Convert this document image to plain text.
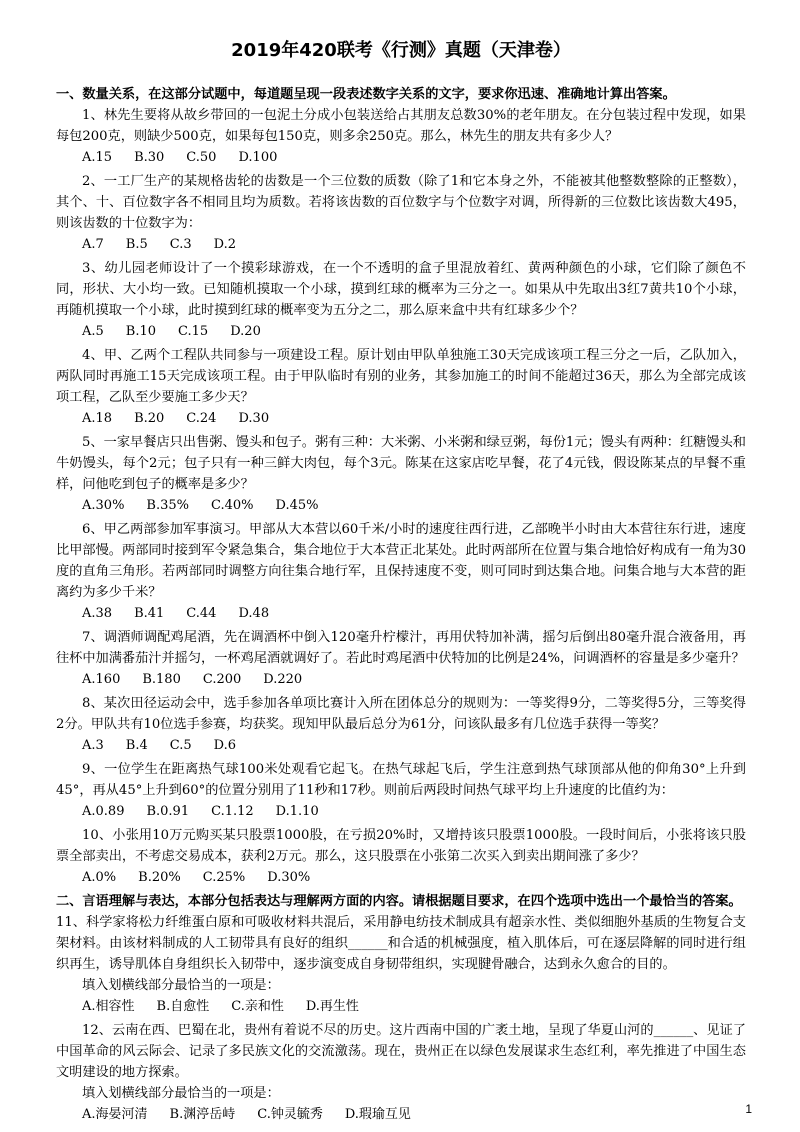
2019年420联考《行测》真题（天津卷）
一、数量关系，在这部分试题中，每道题呈现一段表述数字关系的文字，要求你迅速、准确地计算出答案。
1、林先生要将从故乡带回的一包泥土分成小包装送给占其朋友总数30%的老年朋友。在分包装过程中发现，如果每包200克，则缺少500克，如果每包150克，则多余250克。那么，林先生的朋友共有多少人？
A.15 B.30 C.50 D.100
2、一工厂生产的某规格齿轮的齿数是一个三位数的质数（除了1和它本身之外，不能被其他整数整除的正整数），其个、十、百位数字各不相同且均为质数。若将该齿数的百位数字与个位数字对调，所得新的三位数比该齿数大495，则该齿数的十位数字为：
A.7 B.5 C.3 D.2
3、幼儿园老师设计了一个摸彩球游戏，在一个不透明的盒子里混放着红、黄两种颜色的小球，它们除了颜色不同，形状、大小均一致。已知随机摸取一个小球，摸到红球的概率为三分之一。如果从中先取出3红7黄共10个小球，再随机摸取一个小球，此时摸到红球的概率变为五分之二，那么原来盒中共有红球多少个？
A.5 B.10 C.15 D.20
4、甲、乙两个工程队共同参与一项建设工程。原计划由甲队单独施工30天完成该项工程三分之一后，乙队加入，两队同时再施工15天完成该项工程。由于甲队临时有别的业务，其参加施工的时间不能超过36天，那么为全部完成该项工程，乙队至少要施工多少天？
A.18 B.20 C.24 D.30
5、一家早餐店只出售粥、馒头和包子。粥有三种：大米粥、小米粥和绿豆粥，每份1元；馒头有两种：红糖馒头和牛奶馒头，每个2元；包子只有一种三鲜大肉包，每个3元。陈某在这家店吃早餐，花了4元钱，假设陈某点的早餐不重样，问他吃到包子的概率是多少？
A.30% B.35% C.40% D.45%
6、甲乙两部参加军事演习。甲部从大本营以60千米/小时的速度往西行进，乙部晚半小时由大本营往东行进，速度比甲部慢。两部同时接到军令紧急集合，集合地位于大本营正北某处。此时两部所在位置与集合地恰好构成有一角为30度的直角三角形。若两部同时调整方向往集合地行军，且保持速度不变，则可同时到达集合地。问集合地与大本营的距离约为多少千米？
A.38 B.41 C.44 D.48
7、调酒师调配鸡尾酒，先在调酒杯中倒入120毫升柠檬汁，再用伏特加补满，摇匀后倒出80毫升混合液备用，再往杯中加满番茄汁并摇匀，一杯鸡尾酒就调好了。若此时鸡尾酒中伏特加的比例是24%，问调酒杯的容量是多少毫升？
A.160 B.180 C.200 D.220
8、某次田径运动会中，选手参加各单项比赛计入所在团体总分的规则为：一等奖得9分，二等奖得5分，三等奖得2分。甲队共有10位选手参赛，均获奖。现知甲队最后总分为61分，问该队最多有几位选手获得一等奖？
A.3 B.4 C.5 D.6
9、一位学生在距离热气球100米处观看它起飞。在热气球起飞后，学生注意到热气球顶部从他的仰角30°上升到45°，再从45°上升到60°的位置分别用了11秒和17秒。则前后两段时间热气球平均上升速度的比值约为：
A.0.89 B.0.91 C.1.12 D.1.10
10、小张用10万元购买某只股票1000股，在亏损20%时，又增持该只股票1000股。一段时间后，小张将该只股票全部卖出，不考虑交易成本，获利2万元。那么，这只股票在小张第二次买入到卖出期间涨了多少？
A.0% B.20% C.25% D.30%
二、言语理解与表达，本部分包括表达与理解两方面的内容。请根据题目要求，在四个选项中选出一个最恰当的答案。
11、科学家将松力纤维蛋白原和可吸收材料共混后，采用静电纺技术制成具有超亲水性、类似细胞外基质的生物复合支架材料。由该材料制成的人工韧带具有良好的组织______和合适的机械强度，植入肌体后，可在逐层降解的同时进行组织再生，诱导肌体自身组织长入韧带中，逐步演变成自身韧带组织，实现腱骨融合，达到永久愈合的目的。
填入划横线部分最恰当的一项是：
A.相容性 B.自愈性 C.亲和性 D.再生性
12、云南在西、巴蜀在北，贵州有着说不尽的历史。这片西南中国的广袤土地，呈现了华夏山河的______、见证了中国革命的风云际会、记录了多民族文化的交流激荡。现在，贵州正在以绿色发展谋求生态红利，率先推进了中国生态文明建设的地方探索。
填入划横线部分最恰当的一项是：
A.海晏河清 B.渊渟岳峙 C.钟灵毓秀 D.瑕瑜互见	1
